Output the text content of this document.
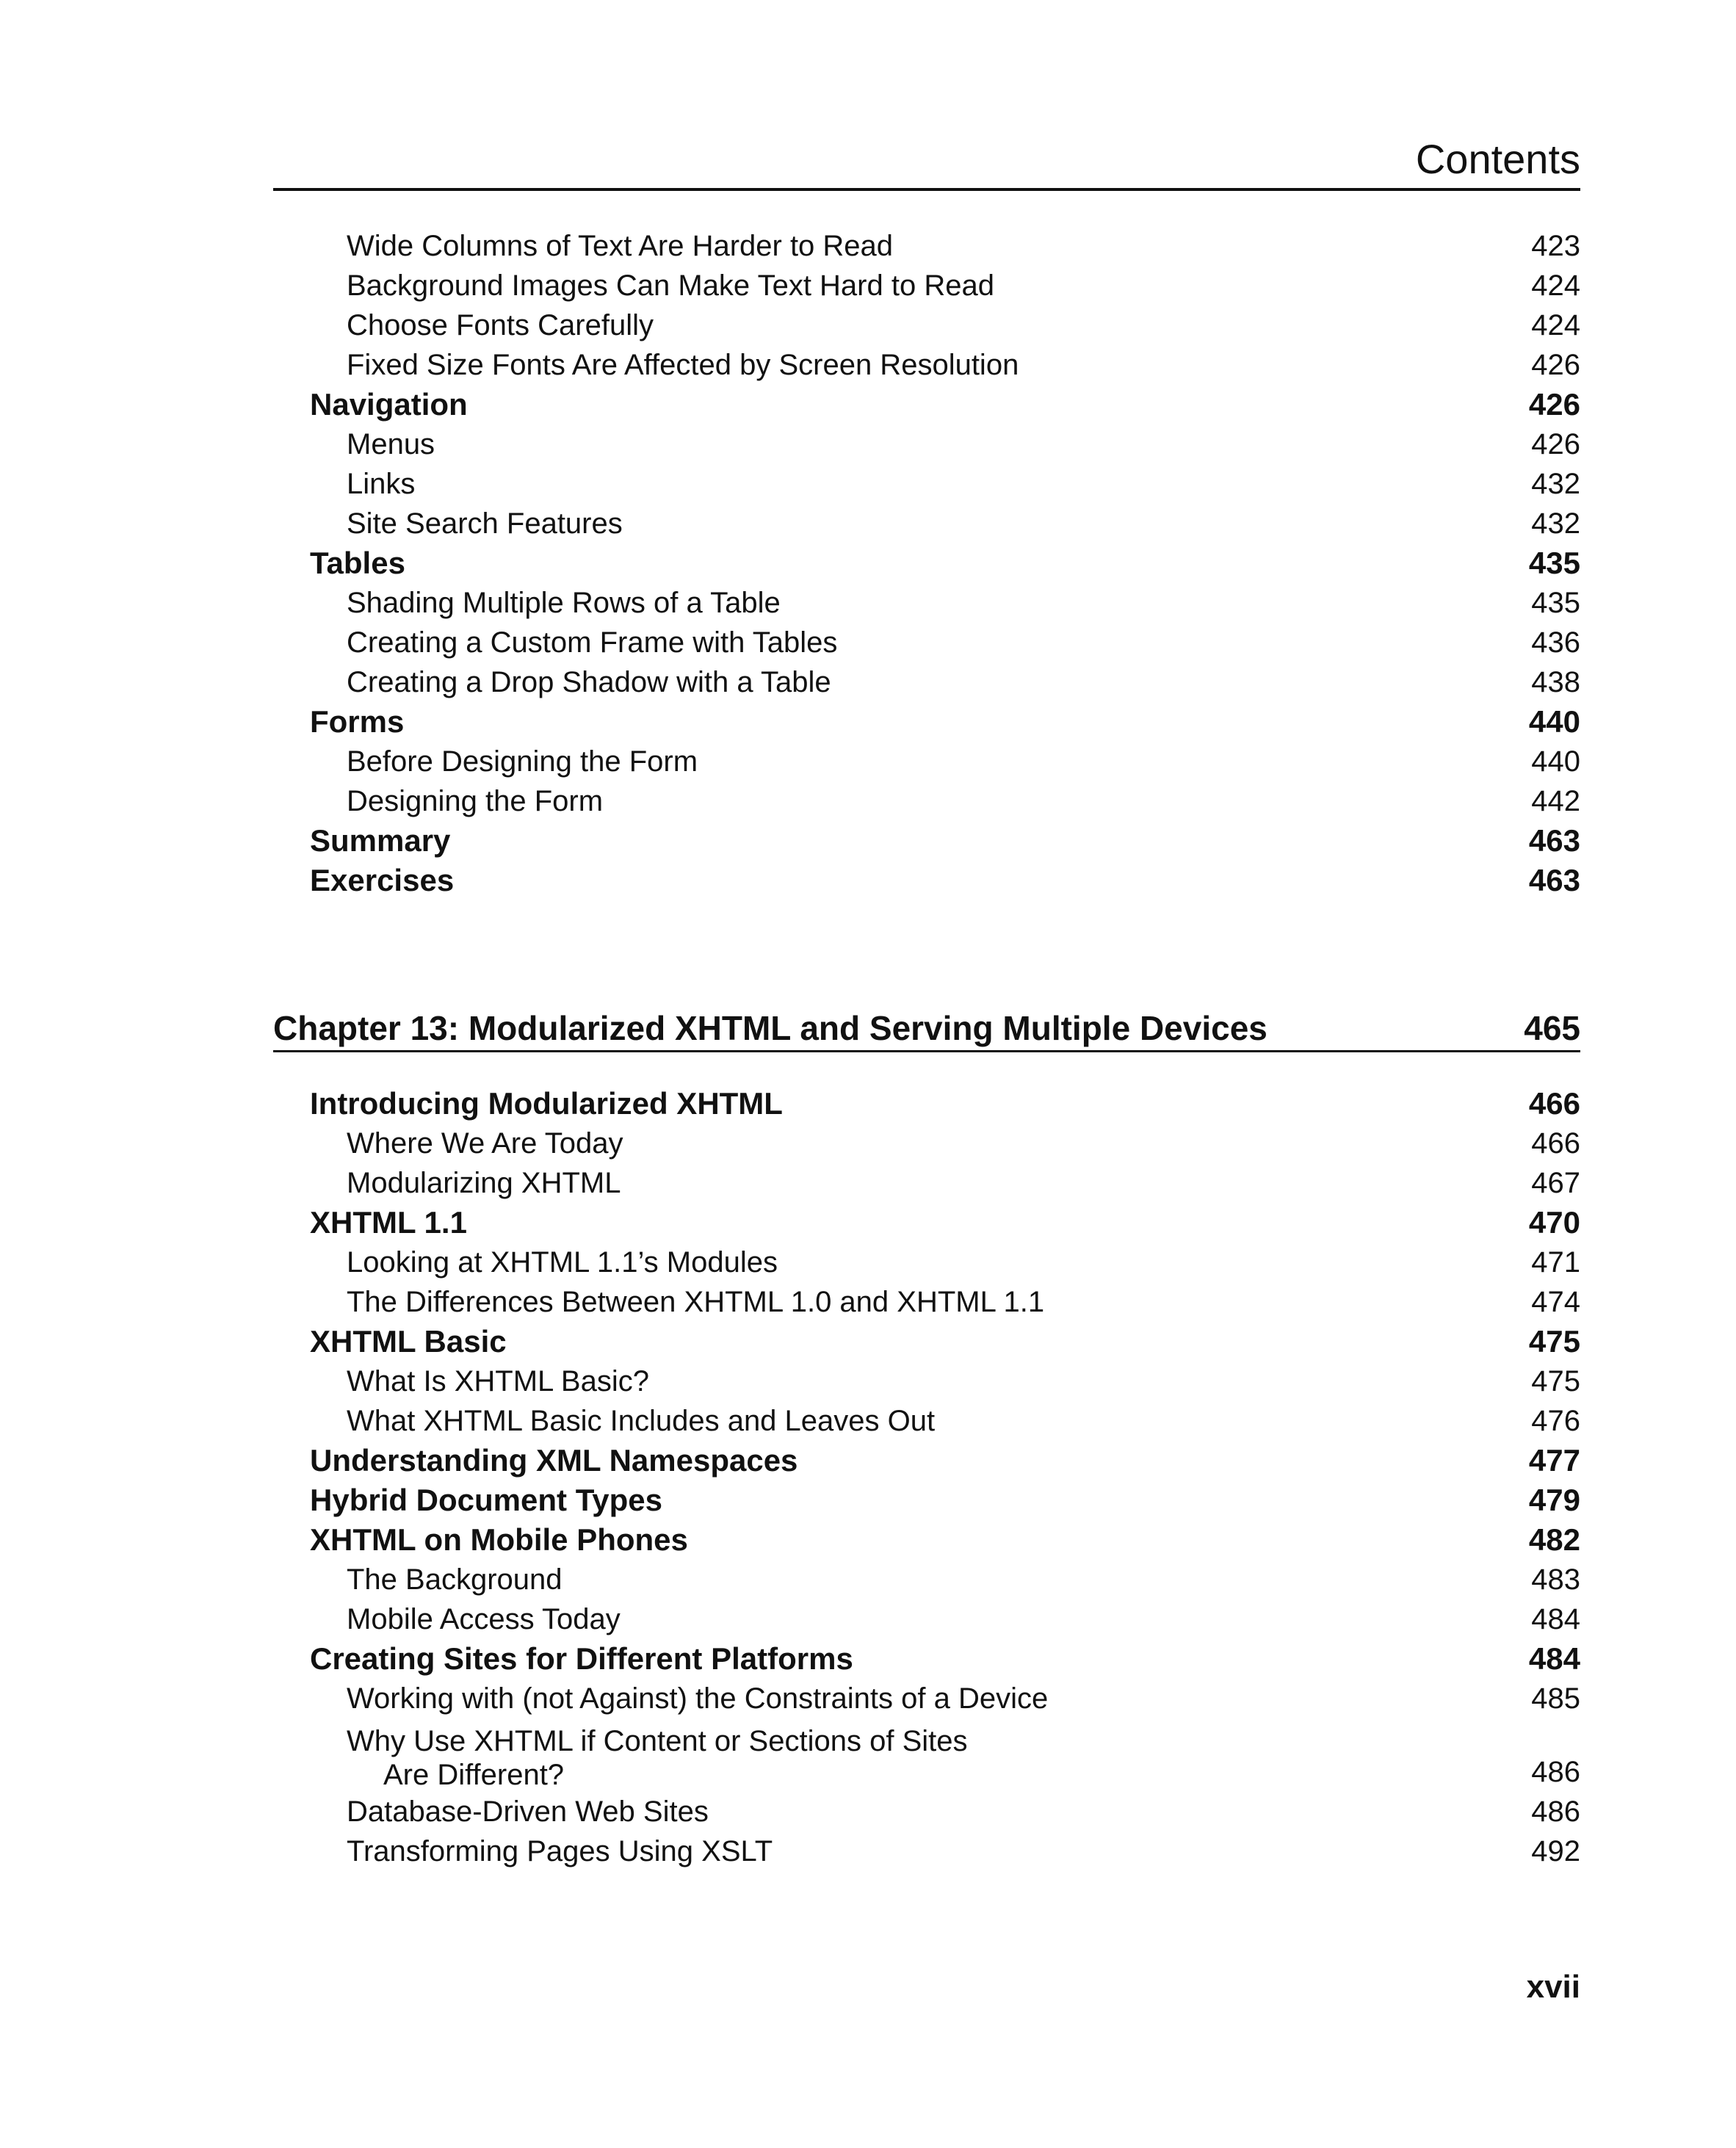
Contents
Wide Columns of Text Are Harder to Read	423
Background Images Can Make Text Hard to Read	424
Choose Fonts Carefully	424
Fixed Size Fonts Are Affected by Screen Resolution	426
Navigation	426
Menus	426
Links	432
Site Search Features	432
Tables	435
Shading Multiple Rows of a Table	435
Creating a Custom Frame with Tables	436
Creating a Drop Shadow with a Table	438
Forms	440
Before Designing the Form	440
Designing the Form	442
Summary	463
Exercises	463
Chapter 13: Modularized XHTML and Serving Multiple Devices	465
Introducing Modularized XHTML	466
Where We Are Today	466
Modularizing XHTML	467
XHTML 1.1	470
Looking at XHTML 1.1’s Modules	471
The Differences Between XHTML 1.0 and XHTML 1.1	474
XHTML Basic	475
What Is XHTML Basic?	475
What XHTML Basic Includes and Leaves Out	476
Understanding XML Namespaces	477
Hybrid Document Types	479
XHTML on Mobile Phones	482
The Background	483
Mobile Access Today	484
Creating Sites for Different Platforms	484
Working with (not Against) the Constraints of a Device	485
Why Use XHTML if Content or Sections of Sites
Are Different?	486
Database-Driven Web Sites	486
Transforming Pages Using XSLT	492
xvii
